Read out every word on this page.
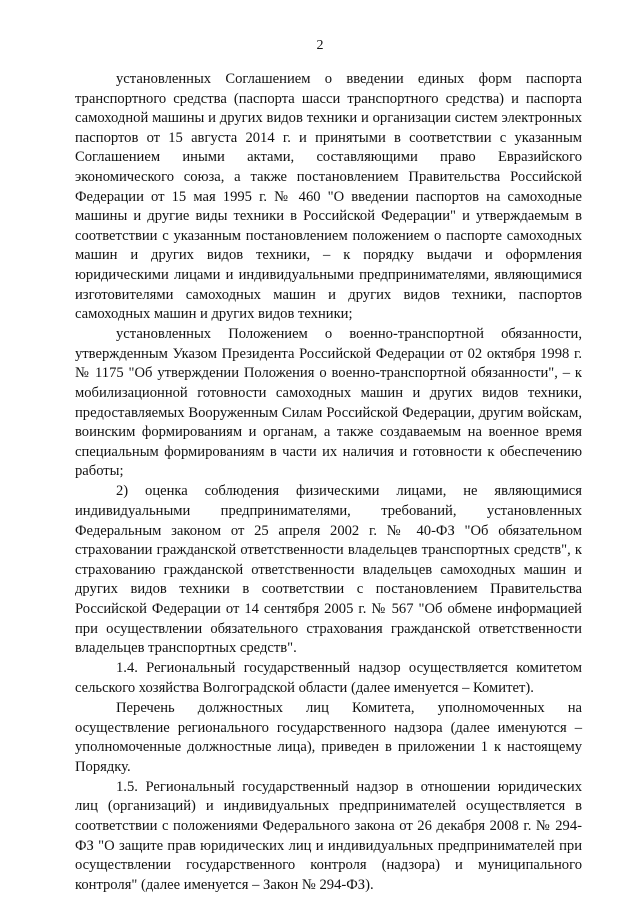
2

установленных Соглашением о введении единых форм паспорта транспортного средства (паспорта шасси транспортного средства) и паспорта самоходной машины и других видов техники и организации систем электронных паспортов от 15 августа 2014 г. и принятыми в соответствии с указанным Соглашением иными актами, составляющими право Евразийского экономического союза, а также постановлением Правительства Российской Федерации от 15 мая 1995 г. № 460 "О введении паспортов на самоходные машины и другие виды техники в Российской Федерации" и утверждаемым в соответствии с указанным постановлением положением о паспорте самоходных машин и других видов техники, – к порядку выдачи и оформления юридическими лицами и индивидуальными предпринимателями, являющимися изготовителями самоходных машин и других видов техники, паспортов самоходных машин и других видов техники;

установленных Положением о военно-транспортной обязанности, утвержденным Указом Президента Российской Федерации от 02 октября 1998 г. № 1175 "Об утверждении Положения о военно-транспортной обязанности", – к мобилизационной готовности самоходных машин и других видов техники, предоставляемых Вооруженным Силам Российской Федерации, другим войскам, воинским формированиям и органам, а также создаваемым на военное время специальным формированиям в части их наличия и готовности к обеспечению работы;

2) оценка соблюдения физическими лицами, не являющимися индивидуальными предпринимателями, требований, установленных Федеральным законом от 25 апреля 2002 г. № 40-ФЗ "Об обязательном страховании гражданской ответственности владельцев транспортных средств", к страхованию гражданской ответственности владельцев самоходных машин и других видов техники в соответствии с постановлением Правительства Российской Федерации от 14 сентября 2005 г. № 567 "Об обмене информацией при осуществлении обязательного страхования гражданской ответственности владельцев транспортных средств".

1.4. Региональный государственный надзор осуществляется комитетом сельского хозяйства Волгоградской области (далее именуется – Комитет).

Перечень должностных лиц Комитета, уполномоченных на осуществление регионального государственного надзора (далее именуются – уполномоченные должностные лица), приведен в приложении 1 к настоящему Порядку.

1.5. Региональный государственный надзор в отношении юридических лиц (организаций) и индивидуальных предпринимателей осуществляется в соответствии с положениями Федерального закона от 26 декабря 2008 г. № 294-ФЗ "О защите прав юридических лиц и индивидуальных предпринимателей при осуществлении государственного контроля (надзора) и муниципального контроля" (далее именуется – Закон № 294-ФЗ).
